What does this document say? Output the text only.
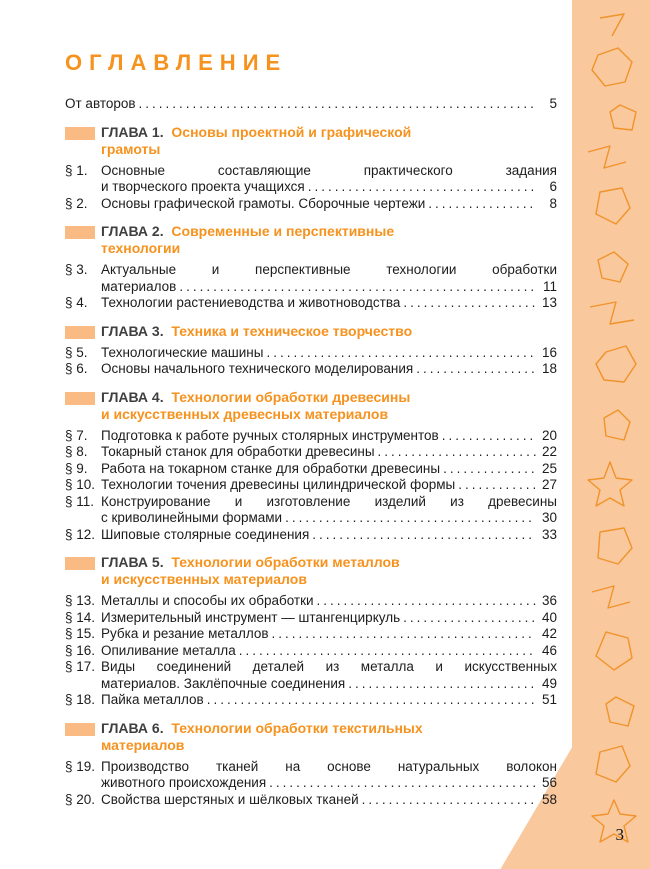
ОГЛАВЛЕНИЕ
От авторов .....	5
ГЛАВА 1. Основы проектной и графической
грамоты
§ 1. Основные составляющие практического задания
и творческого проекта учащихся .....	6
§ 2. Основы графической грамоты. Сборочные чертежи .....	8
ГЛАВА 2. Современные и перспективные
технологии
§ 3. Актуальные и перспективные технологии обработки
материалов .....	11
§ 4. Технологии растениеводства и животноводства .....	13
ГЛАВА 3. Техника и техническое творчество
§ 5. Технологические машины .....	16
§ 6. Основы начального технического моделирования .....	18
ГЛАВА 4. Технологии обработки древесины
и искусственных древесных материалов
§ 7. Подготовка к работе ручных столярных инструментов .....	20
§ 8. Токарный станок для обработки древесины .....	22
§ 9. Работа на токарном станке для обработки древесины .....	25
§ 10. Технологии точения древесины цилиндрической формы .....	27
§ 11. Конструирование и изготовление изделий из древесины
с криволинейными формами .....	30
§ 12. Шиповые столярные соединения .....	33
ГЛАВА 5. Технологии обработки металлов
и искусственных материалов
§ 13. Металлы и способы их обработки .....	36
§ 14. Измерительный инструмент — штангенциркуль .....	40
§ 15. Рубка и резание металлов .....	42
§ 16. Опиливание металла .....	46
§ 17. Виды соединений деталей из металла и искусственных
материалов. Заклёпочные соединения .....	49
§ 18. Пайка металлов .....	51
ГЛАВА 6. Технологии обработки текстильных
материалов
§ 19. Производство тканей на основе натуральных волокон
животного происхождения .....	56
§ 20. Свойства шерстяных и шёлковых тканей .....	58
3
